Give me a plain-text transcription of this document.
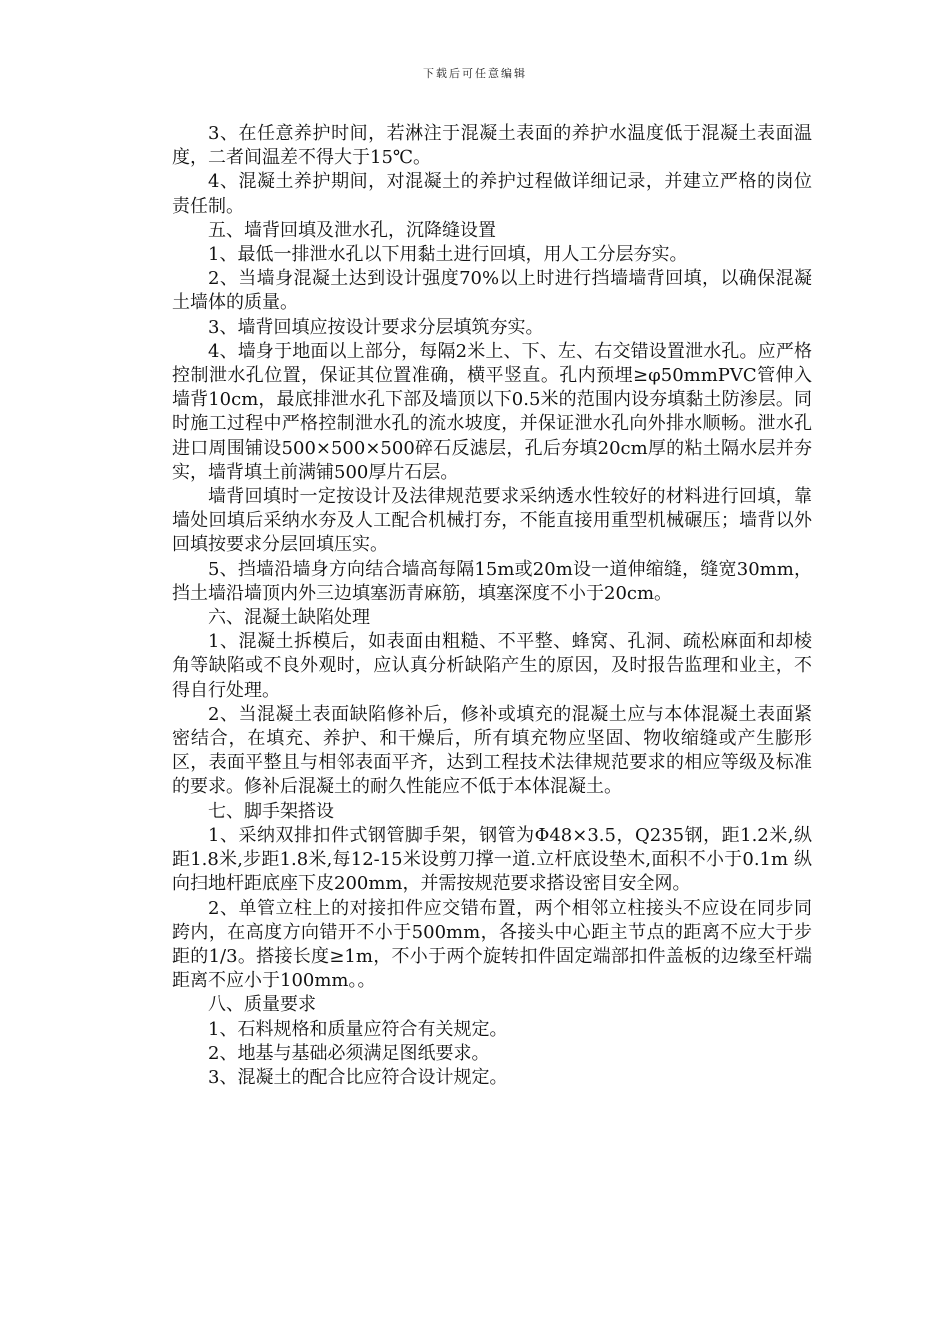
下载后可任意编辑

3、在任意养护时间，若淋注于混凝土表面的养护水温度低于混凝土表面温度，二者间温差不得大于15℃。

4、混凝土养护期间，对混凝土的养护过程做详细记录，并建立严格的岗位责任制。

五、墙背回填及泄水孔，沉降缝设置

1、最低一排泄水孔以下用黏土进行回填，用人工分层夯实。

2、当墙身混凝土达到设计强度70%以上时进行挡墙墙背回填，以确保混凝土墙体的质量。

3、墙背回填应按设计要求分层填筑夯实。

4、墙身于地面以上部分，每隔2米上、下、左、右交错设置泄水孔。应严格控制泄水孔位置，保证其位置准确，横平竖直。孔内预埋≥φ50mmPVC管伸入墙背10cm，最底排泄水孔下部及墙顶以下0.5米的范围内设夯填黏土防渗层。同时施工过程中严格控制泄水孔的流水坡度，并保证泄水孔向外排水顺畅。泄水孔进口周围铺设500×500×500碎石反滤层，孔后夯填20cm厚的粘土隔水层并夯实，墙背填土前满铺500厚片石层。

墙背回填时一定按设计及法律规范要求采纳透水性较好的材料进行回填，靠墙处回填后采纳水夯及人工配合机械打夯，不能直接用重型机械碾压；墙背以外回填按要求分层回填压实。

5、挡墙沿墙身方向结合墙高每隔15m或20m设一道伸缩缝，缝宽30mm，挡土墙沿墙顶内外三边填塞沥青麻筋，填塞深度不小于20cm。

六、混凝土缺陷处理

1、混凝土拆模后，如表面由粗糙、不平整、蜂窝、孔洞、疏松麻面和却棱角等缺陷或不良外观时，应认真分析缺陷产生的原因，及时报告监理和业主，不得自行处理。

2、当混凝土表面缺陷修补后，修补或填充的混凝土应与本体混凝土表面紧密结合，在填充、养护、和干燥后，所有填充物应坚固、物收缩缝或产生膨形区，表面平整且与相邻表面平齐，达到工程技术法律规范要求的相应等级及标准的要求。修补后混凝土的耐久性能应不低于本体混凝土。

七、脚手架搭设

1、采纳双排扣件式钢管脚手架，钢管为Φ48×3.5，Q235钢，距1.2米,纵距1.8米,步距1.8米,每12-15米设剪刀撑一道.立杆底设垫木,面积不小于0.1m 纵向扫地杆距底座下皮200mm，并需按规范要求搭设密目安全网。

2、单管立柱上的对接扣件应交错布置，两个相邻立柱接头不应设在同步同跨内，在高度方向错开不小于500mm，各接头中心距主节点的距离不应大于步距的1/3。搭接长度≥1m，不小于两个旋转扣件固定端部扣件盖板的边缘至杆端距离不应小于100mm。。

八、质量要求

1、石料规格和质量应符合有关规定。

2、地基与基础必须满足图纸要求。

3、混凝土的配合比应符合设计规定。
